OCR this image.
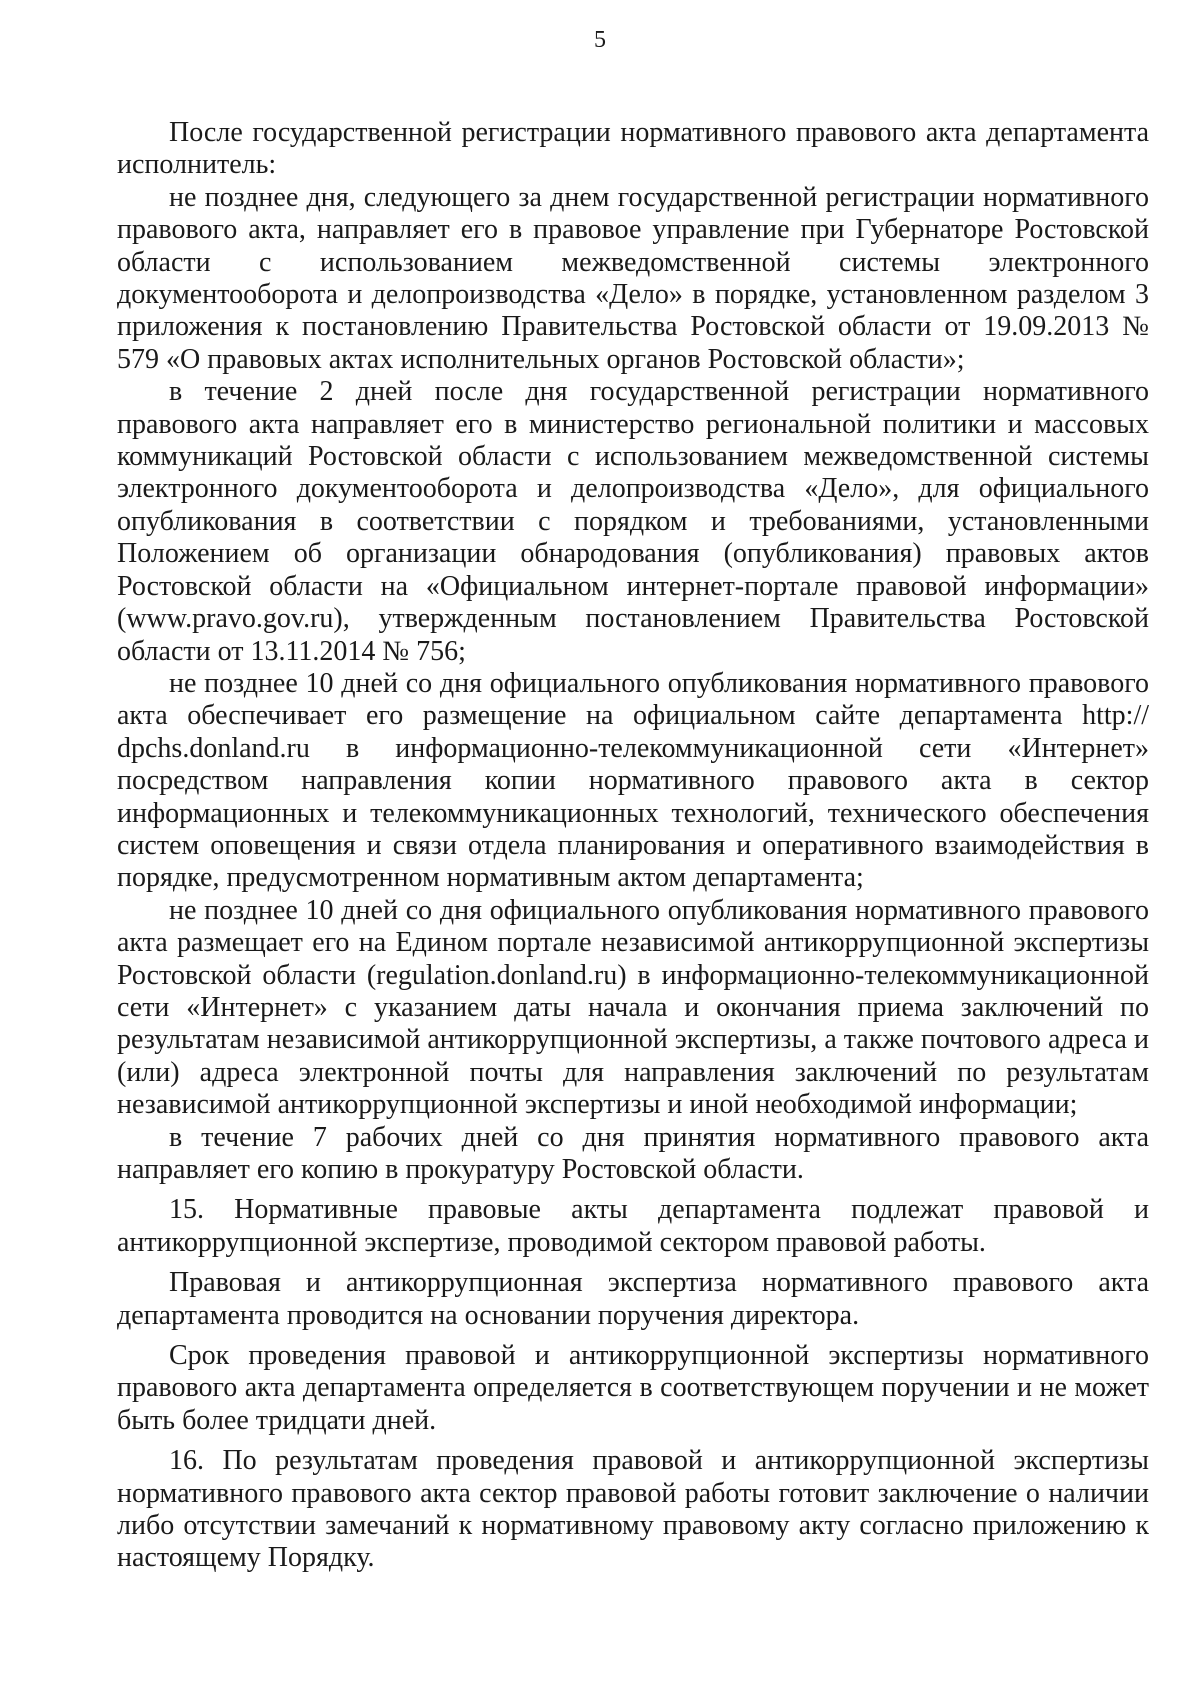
5

После государственной регистрации нормативного правового акта департамента исполнитель:

не позднее дня, следующего за днем государственной регистрации нормативного правового акта, направляет его в правовое управление при Губернаторе Ростовской области с использованием межведомственной системы электронного документооборота и делопроизводства «Дело» в порядке, установленном разделом 3 приложения к постановлению Правительства Ростовской области от 19.09.2013 № 579 «О правовых актах исполнительных органов Ростовской области»;

в течение 2 дней после дня государственной регистрации нормативного правового акта направляет его в министерство региональной политики и массовых коммуникаций Ростовской области с использованием межведомственной системы электронного документооборота и делопроизводства «Дело», для официального опубликования в соответствии с порядком и требованиями, установленными Положением об организации обнародования (опубликования) правовых актов Ростовской области на «Официальном интернет-портале правовой информации» (www.pravo.gov.ru), утвержденным постановлением Правительства Ростовской области от 13.11.2014 № 756;

не позднее 10 дней со дня официального опубликования нормативного правового акта обеспечивает его размещение на официальном сайте департамента http:// dpchs.donland.ru в информационно-телекоммуникационной сети «Интернет» посредством направления копии нормативного правового акта в сектор информационных и телекоммуникационных технологий, технического обеспечения систем оповещения и связи отдела планирования и оперативного взаимодействия в порядке, предусмотренном нормативным актом департамента;

не позднее 10 дней со дня официального опубликования нормативного правового акта размещает его на Едином портале независимой антикоррупционной экспертизы Ростовской области (regulation.donland.ru) в информационно-телекоммуникационной сети «Интернет» с указанием даты начала и окончания приема заключений по результатам независимой антикоррупционной экспертизы, а также почтового адреса и (или) адреса электронной почты для направления заключений по результатам независимой антикоррупционной экспертизы и иной необходимой информации;

в течение 7 рабочих дней со дня принятия нормативного правового акта направляет его копию в прокуратуру Ростовской области.

15. Нормативные правовые акты департамента подлежат правовой и антикоррупционной экспертизе, проводимой сектором правовой работы.

Правовая и антикоррупционная экспертиза нормативного правового акта департамента проводится на основании поручения директора.

Срок проведения правовой и антикоррупционной экспертизы нормативного правового акта департамента определяется в соответствующем поручении и не может быть более тридцати дней.

16. По результатам проведения правовой и антикоррупционной экспертизы нормативного правового акта сектор правовой работы готовит заключение о наличии либо отсутствии замечаний к нормативному правовому акту согласно приложению к настоящему Порядку.
